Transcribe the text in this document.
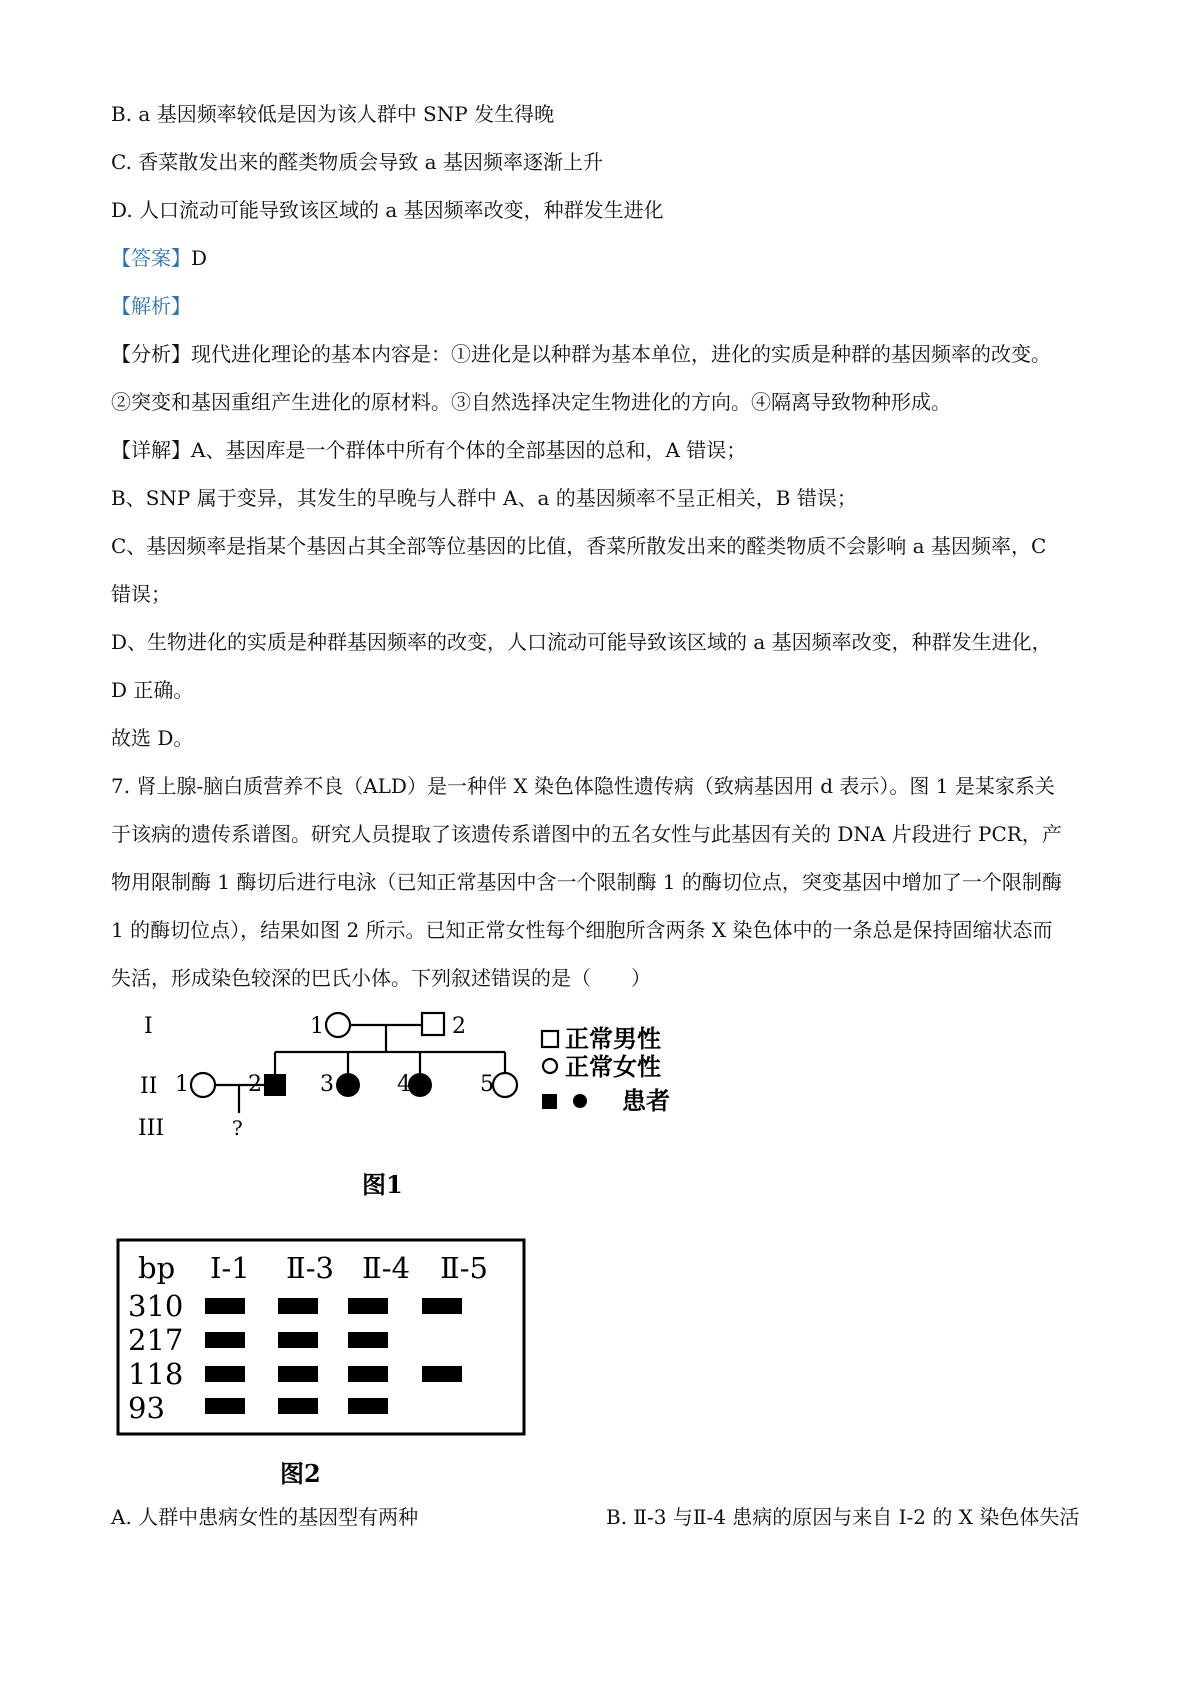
B. a 基因频率较低是因为该人群中 SNP 发生得晚
C. 香菜散发出来的醛类物质会导致 a 基因频率逐渐上升
D. 人口流动可能导致该区域的 a 基因频率改变，种群发生进化
【答案】D
【解析】
【分析】现代进化理论的基本内容是：①进化是以种群为基本单位，进化的实质是种群的基因频率的改变。
②突变和基因重组产生进化的原材料。③自然选择决定生物进化的方向。④隔离导致物种形成。
【详解】A、基因库是一个群体中所有个体的全部基因的总和，A 错误；
B、SNP 属于变异，其发生的早晚与人群中 A、a 的基因频率不呈正相关，B 错误；
C、基因频率是指某个基因占其全部等位基因的比值，香菜所散发出来的醛类物质不会影响 a 基因频率，C
错误；
D、生物进化的实质是种群基因频率的改变，人口流动可能导致该区域的 a 基因频率改变，种群发生进化，
D 正确。
故选 D。
7. 肾上腺-脑白质营养不良（ALD）是一种伴 X 染色体隐性遗传病（致病基因用 d 表示）。图 1 是某家系关
于该病的遗传系谱图。研究人员提取了该遗传系谱图中的五名女性与此基因有关的 DNA 片段进行 PCR，产
物用限制酶 1 酶切后进行电泳（已知正常基因中含一个限制酶 1 的酶切位点，突变基因中增加了一个限制酶
1 的酶切位点），结果如图 2 所示。已知正常女性每个细胞所含两条 X 染色体中的一条总是保持固缩状态而
失活，形成染色较深的巴氏小体。下列叙述错误的是（　　）
I
II
III
1	2
1	2	3	4	5
?
正常男性
正常女性
患者
图1
bp Ⅰ-1 Ⅱ-3 Ⅱ-4 Ⅱ-5
310
217
118
93
图2
A. 人群中患病女性的基因型有两种	B. Ⅱ-3 与Ⅱ-4 患病的原因与来自 I-2 的 X 染色体失活
